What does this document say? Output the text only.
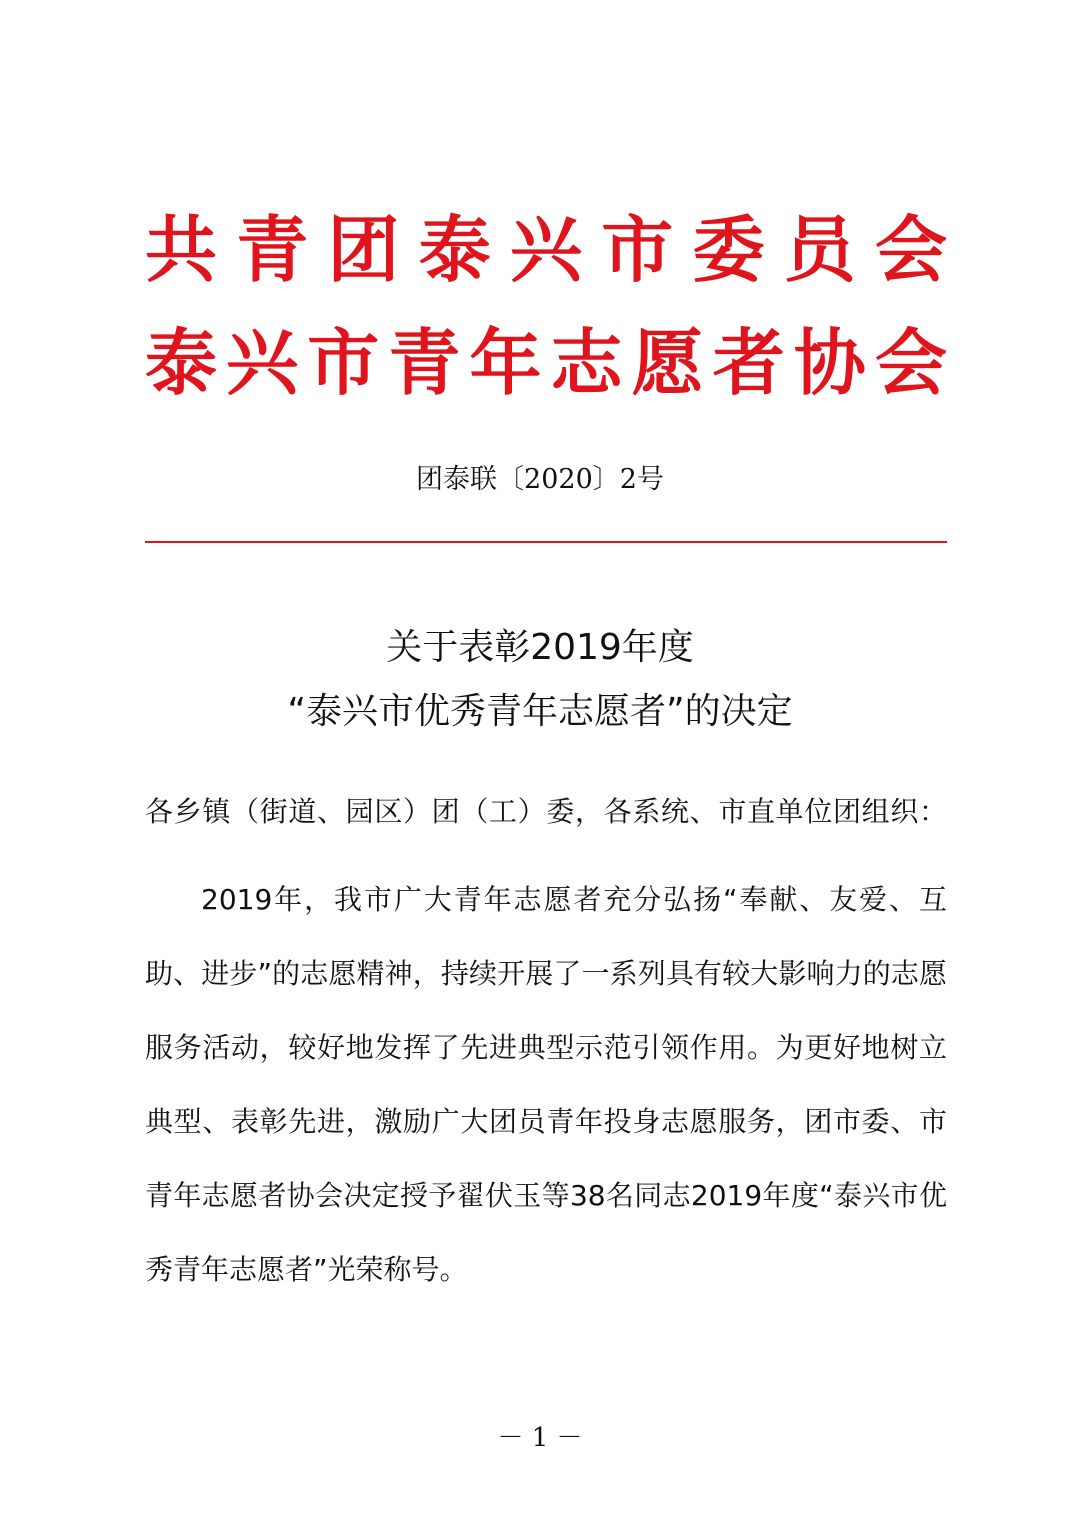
共青团泰兴市委员会
泰兴市青年志愿者协会
团泰联〔2020〕2号
关于表彰2019年度
“泰兴市优秀青年志愿者”的决定
各乡镇（街道、园区）团（工）委，各系统、市直单位团组织：
2019年，我市广大青年志愿者充分弘扬“奉献、友爱、互助、进步”的志愿精神，持续开展了一系列具有较大影响力的志愿服务活动，较好地发挥了先进典型示范引领作用。为更好地树立典型、表彰先进，激励广大团员青年投身志愿服务，团市委、市青年志愿者协会决定授予翟伏玉等38名同志2019年度“泰兴市优秀青年志愿者”光荣称号。
－ 1 －
